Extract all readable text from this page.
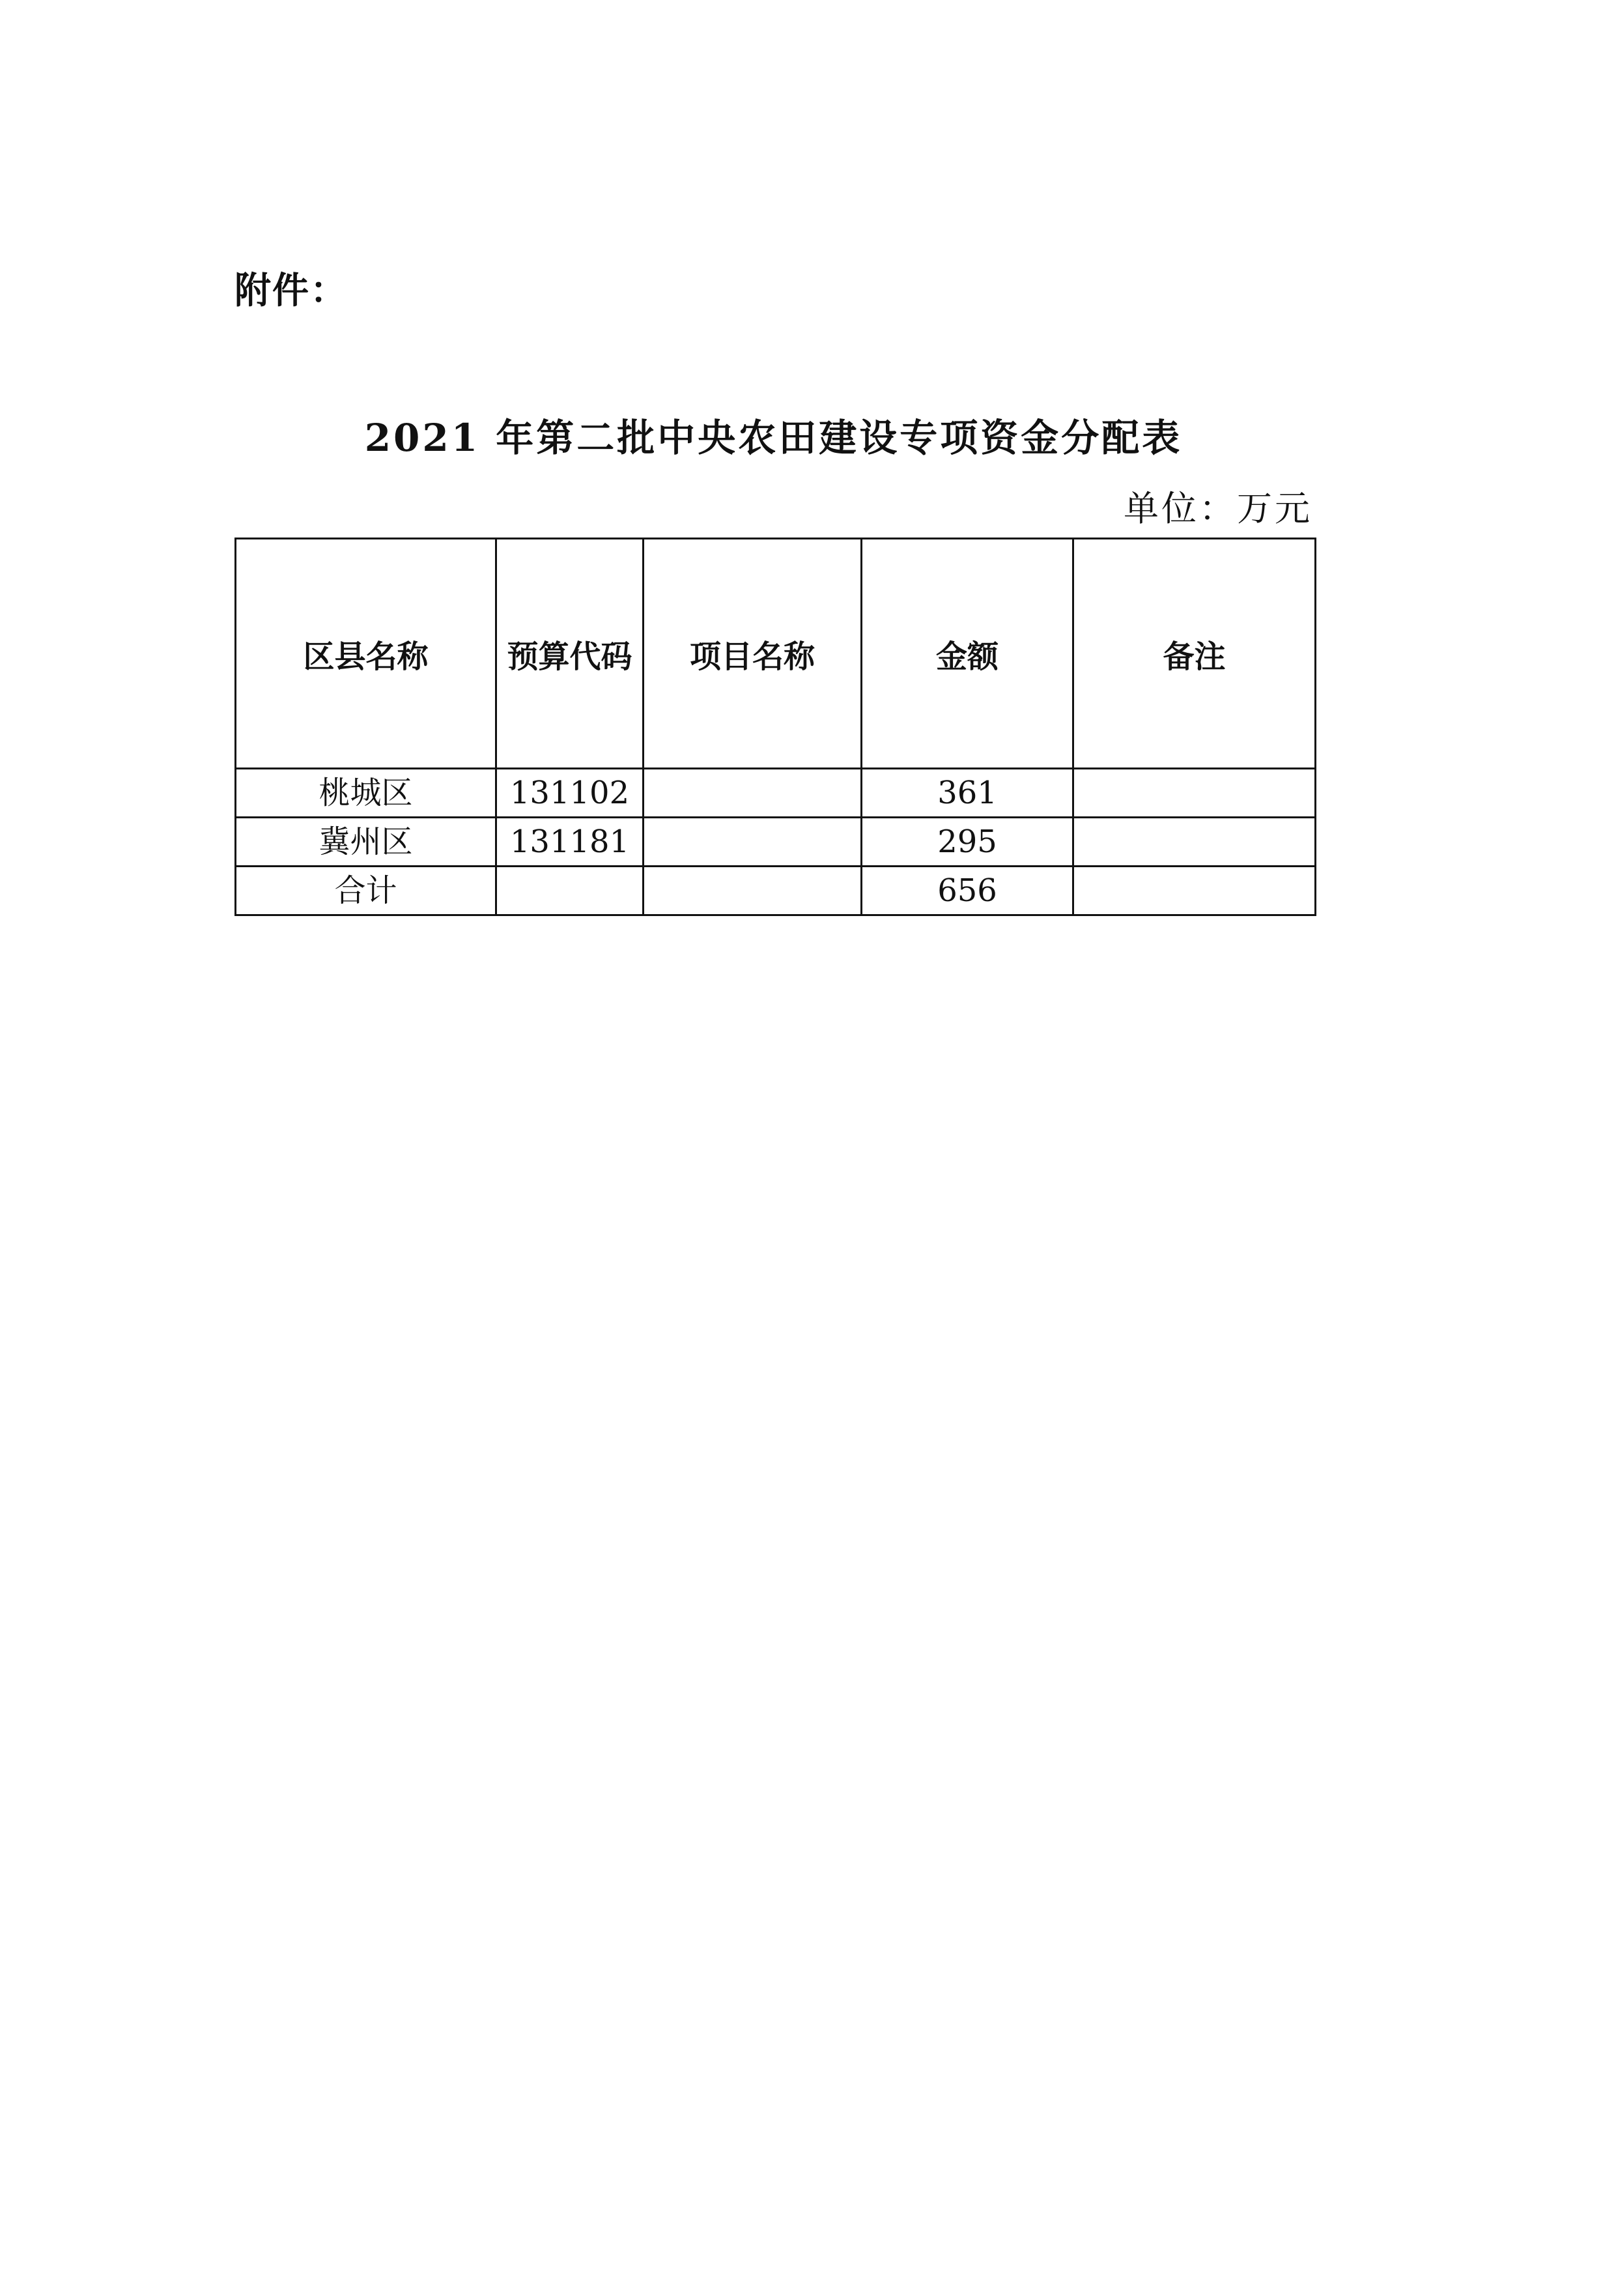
附件：
2021 年第二批中央农田建设专项资金分配表
单位：万元
区县名称	预算代码	项目名称	金额	备注
桃城区	131102		361	
冀州区	131181		295	
合计			656	
